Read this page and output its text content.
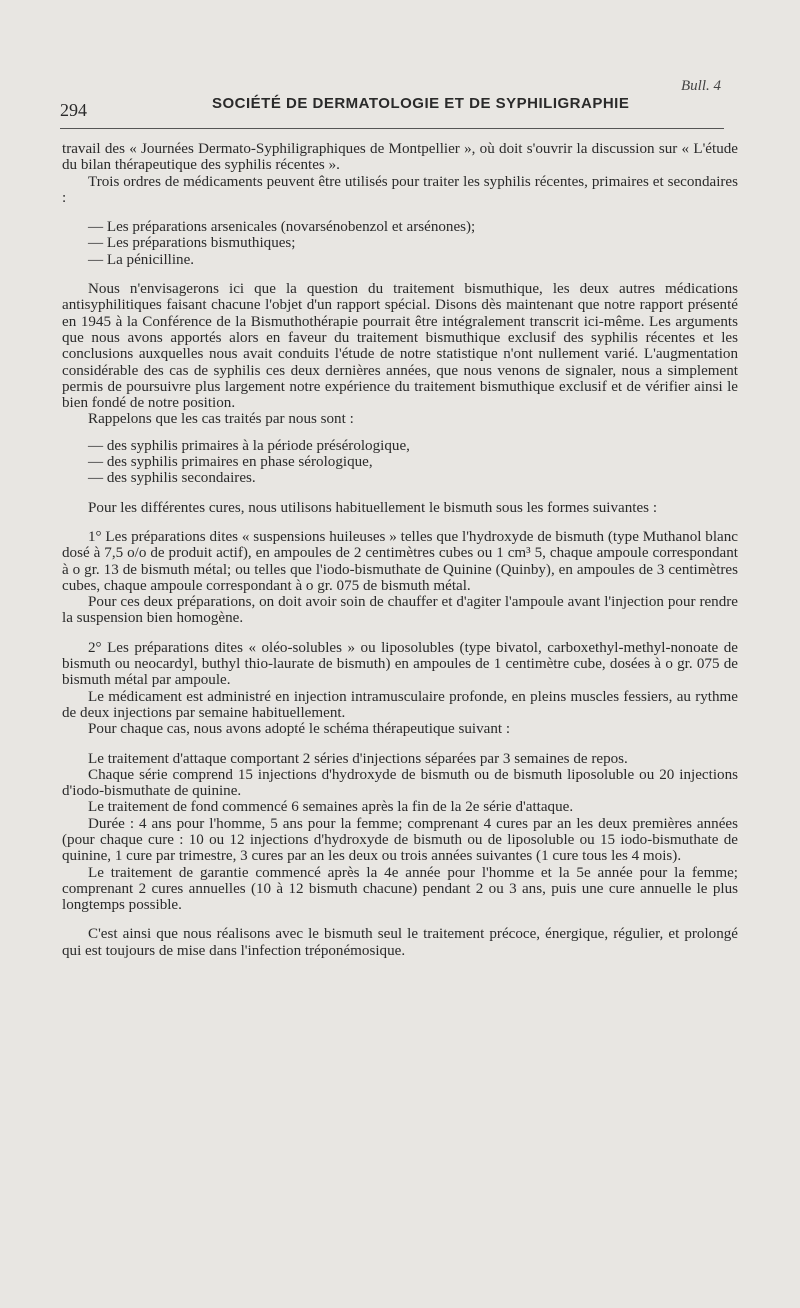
Bull. 4
294	SOCIÉTÉ DE DERMATOLOGIE ET DE SYPHILIGRAPHIE

travail des « Journées Dermato-Syphiligraphiques de Montpellier », où doit s'ouvrir la discussion sur « L'étude du bilan thérapeutique des syphilis récentes ».

Trois ordres de médicaments peuvent être utilisés pour traiter les syphilis récentes, primaires et secondaires :

— Les préparations arsenicales (novarsénobenzol et arsénones);

— Les préparations bismuthiques;

— La pénicilline.

Nous n'envisagerons ici que la question du traitement bismuthique, les deux autres médications antisyphilitiques faisant chacune l'objet d'un rapport spécial. Disons dès maintenant que notre rapport présenté en 1945 à la Conférence de la Bismuthothérapie pourrait être intégralement transcrit ici-même. Les arguments que nous avons apportés alors en faveur du traitement bismuthique exclusif des syphilis récentes et les conclusions auxquelles nous avait conduits l'étude de notre statistique n'ont nullement varié. L'augmentation considérable des cas de syphilis ces deux dernières années, que nous venons de signaler, nous a simplement permis de poursuivre plus largement notre expérience du traitement bismuthique exclusif et de vérifier ainsi le bien fondé de notre position.

Rappelons que les cas traités par nous sont :

— des syphilis primaires à la période présérologique,

— des syphilis primaires en phase sérologique,

— des syphilis secondaires.

Pour les différentes cures, nous utilisons habituellement le bismuth sous les formes suivantes :

1° Les préparations dites « suspensions huileuses » telles que l'hydroxyde de bismuth (type Muthanol blanc dosé à 7,5 o/o de produit actif), en ampoules de 2 centimètres cubes ou 1 cm³ 5, chaque ampoule correspondant à o gr. 13 de bismuth métal; ou telles que l'iodo-bismuthate de Quinine (Quinby), en ampoules de 3 centimètres cubes, chaque ampoule correspondant à o gr. 075 de bismuth métal.

Pour ces deux préparations, on doit avoir soin de chauffer et d'agiter l'ampoule avant l'injection pour rendre la suspension bien homogène.

2° Les préparations dites « oléo-solubles » ou liposolubles (type bivatol, carboxethyl-methyl-nonoate de bismuth ou neocardyl, buthyl thio-laurate de bismuth) en ampoules de 1 centimètre cube, dosées à o gr. 075 de bismuth métal par ampoule.

Le médicament est administré en injection intramusculaire profonde, en pleins muscles fessiers, au rythme de deux injections par semaine habituellement.

Pour chaque cas, nous avons adopté le schéma thérapeutique suivant :

Le traitement d'attaque comportant 2 séries d'injections séparées par 3 semaines de repos.

Chaque série comprend 15 injections d'hydroxyde de bismuth ou de bismuth liposoluble ou 20 injections d'iodo-bismuthate de quinine.

Le traitement de fond commencé 6 semaines après la fin de la 2e série d'attaque.

Durée : 4 ans pour l'homme, 5 ans pour la femme; comprenant 4 cures par an les deux premières années (pour chaque cure : 10 ou 12 injections d'hydroxyde de bismuth ou de liposoluble ou 15 iodo-bismuthate de quinine, 1 cure par trimestre, 3 cures par an les deux ou trois années suivantes (1 cure tous les 4 mois).

Le traitement de garantie commencé après la 4e année pour l'homme et la 5e année pour la femme; comprenant 2 cures annuelles (10 à 12 bismuth chacune) pendant 2 ou 3 ans, puis une cure annuelle le plus longtemps possible.

C'est ainsi que nous réalisons avec le bismuth seul le traitement précoce, énergique, régulier, et prolongé qui est toujours de mise dans l'infection tréponémosique.
